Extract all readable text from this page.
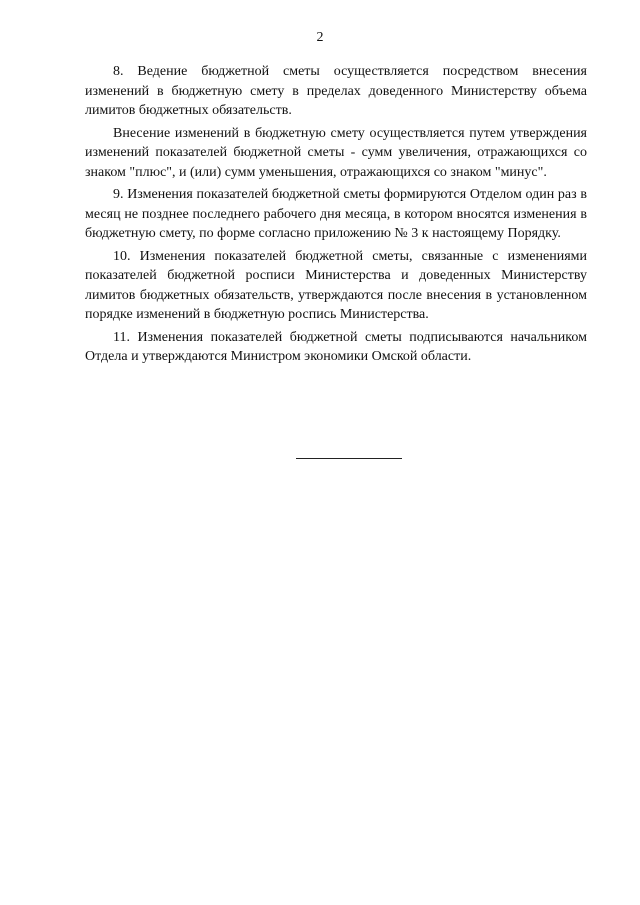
2

8. Ведение бюджетной сметы осуществляется посредством внесения изменений в бюджетную смету в пределах доведенного Министерству объема лимитов бюджетных обязательств.

Внесение изменений в бюджетную смету осуществляется путем утверждения изменений показателей бюджетной сметы - сумм увеличения, отражающихся со знаком "плюс", и (или) сумм уменьшения, отражающихся со знаком "минус".

9. Изменения показателей бюджетной сметы формируются Отделом один раз в месяц не позднее последнего рабочего дня месяца, в котором вносятся изменения в бюджетную смету, по форме согласно приложению № 3 к настоящему Порядку.

10. Изменения показателей бюджетной сметы, связанные с изменениями показателей бюджетной росписи Министерства и доведенных Министерству лимитов бюджетных обязательств, утверждаются после внесения в установленном порядке изменений в бюджетную роспись Министерства.

11. Изменения показателей бюджетной сметы подписываются начальником Отдела и утверждаются Министром экономики Омской области.
